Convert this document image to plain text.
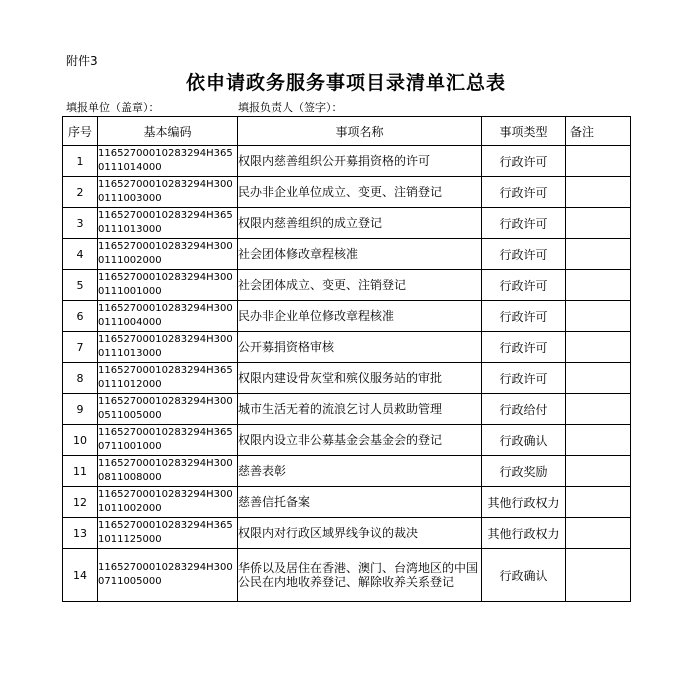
附件3
依申请政务服务事项目录清单汇总表
填报单位（盖章）：	填报负责人（签字）：
序号	基本编码	事项名称	事项类型	备注
1	11652700010283294H3650111014000	权限内慈善组织公开募捐资格的许可	行政许可	
2	11652700010283294H3000111003000	民办非企业单位成立、变更、注销登记	行政许可	
3	11652700010283294H3650111013000	权限内慈善组织的成立登记	行政许可	
4	11652700010283294H3000111002000	社会团体修改章程核准	行政许可	
5	11652700010283294H3000111001000	社会团体成立、变更、注销登记	行政许可	
6	11652700010283294H3000111004000	民办非企业单位修改章程核准	行政许可	
7	11652700010283294H3000111013000	公开募捐资格审核	行政许可	
8	11652700010283294H3650111012000	权限内建设骨灰堂和殡仪服务站的审批	行政许可	
9	11652700010283294H3000511005000	城市生活无着的流浪乞讨人员救助管理	行政给付	
10	11652700010283294H3650711001000	权限内设立非公募基金会基金会的登记	行政确认	
11	11652700010283294H3000811008000	慈善表彰	行政奖励	
12	11652700010283294H3001011002000	慈善信托备案	其他行政权力	
13	11652700010283294H3651011125000	权限内对行政区域界线争议的裁决	其他行政权力	
14	11652700010283294H3000711005000	华侨以及居住在香港、澳门、台湾地区的中国公民在内地收养登记、解除收养关系登记	行政确认	
